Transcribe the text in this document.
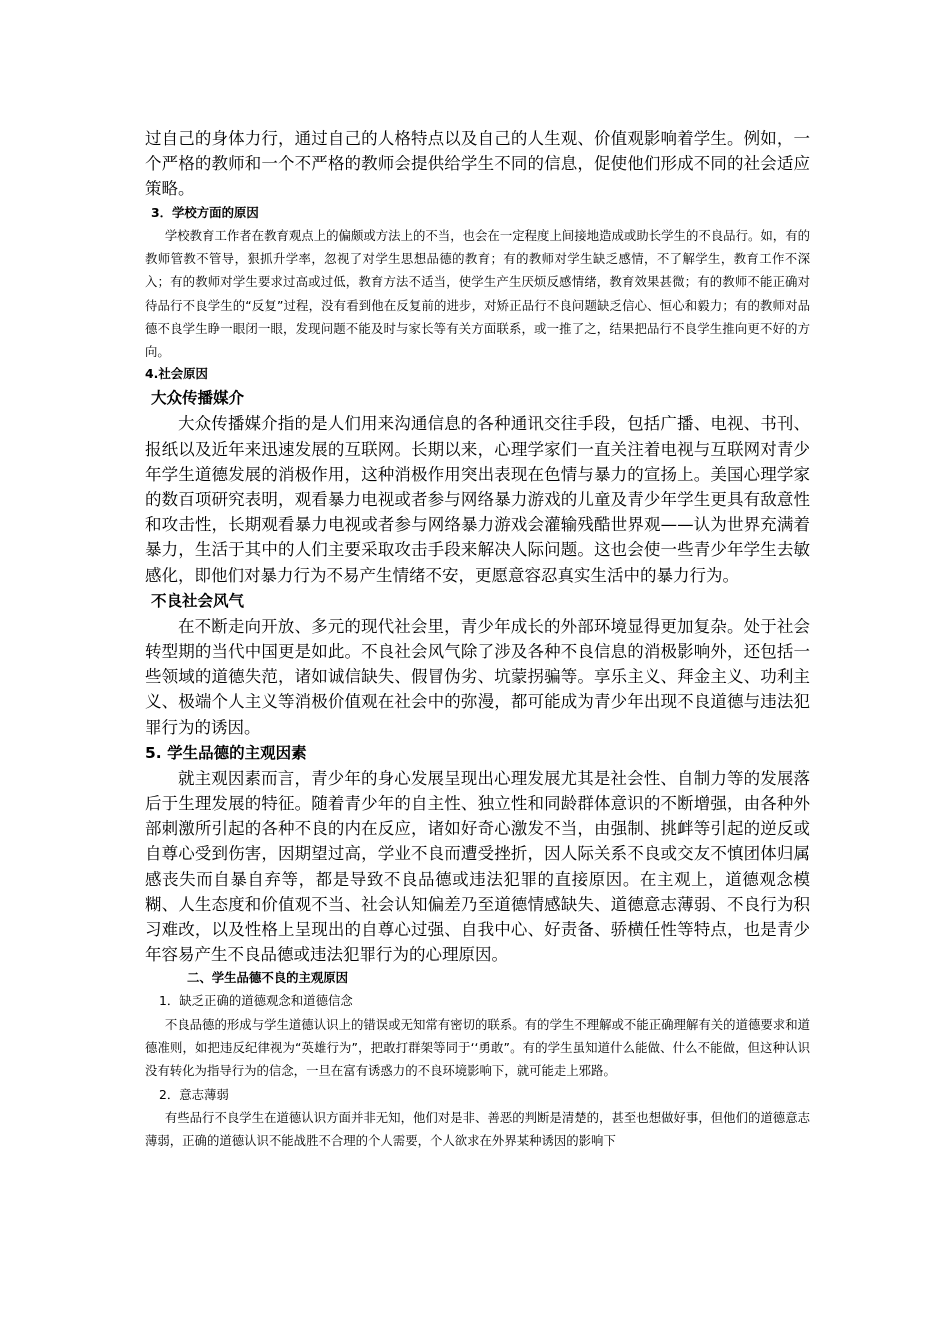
过自己的身体力行，通过自己的人格特点以及自己的人生观、价值观影响着学生。例如，一个严格的教师和一个不严格的教师会提供给学生不同的信息，促使他们形成不同的社会适应策略。

3．学校方面的原因

学校教育工作者在教育观点上的偏颇或方法上的不当，也会在一定程度上间接地造成或助长学生的不良品行。如，有的教师管教不管导，狠抓升学率，忽视了对学生思想品德的教育；有的教师对学生缺乏感情，不了解学生，教育工作不深入；有的教师对学生要求过高或过低，教育方法不适当，使学生产生厌烦反感情绪，教育效果甚微；有的教师不能正确对待品行不良学生的“反复”过程，没有看到他在反复前的进步，对矫正品行不良问题缺乏信心、恒心和毅力；有的教师对品德不良学生睁一眼闭一眼，发现问题不能及时与家长等有关方面联系，或一推了之，结果把品行不良学生推向更不好的方向。

4.社会原因

大众传播媒介

大众传播媒介指的是人们用来沟通信息的各种通讯交往手段，包括广播、电视、书刊、报纸以及近年来迅速发展的互联网。长期以来，心理学家们一直关注着电视与互联网对青少年学生道德发展的消极作用，这种消极作用突出表现在色情与暴力的宣扬上。美国心理学家的数百项研究表明，观看暴力电视或者参与网络暴力游戏的儿童及青少年学生更具有敌意性和攻击性，长期观看暴力电视或者参与网络暴力游戏会灌输残酷世界观——认为世界充满着暴力，生活于其中的人们主要采取攻击手段来解决人际问题。这也会使一些青少年学生去敏感化，即他们对暴力行为不易产生情绪不安，更愿意容忍真实生活中的暴力行为。

不良社会风气

在不断走向开放、多元的现代社会里，青少年成长的外部环境显得更加复杂。处于社会转型期的当代中国更是如此。不良社会风气除了涉及各种不良信息的消极影响外，还包括一些领域的道德失范，诸如诚信缺失、假冒伪劣、坑蒙拐骗等。享乐主义、拜金主义、功利主义、极端个人主义等消极价值观在社会中的弥漫，都可能成为青少年出现不良道德与违法犯罪行为的诱因。

5. 学生品德的主观因素

就主观因素而言，青少年的身心发展呈现出心理发展尤其是社会性、自制力等的发展落后于生理发展的特征。随着青少年的自主性、独立性和同龄群体意识的不断增强，由各种外部刺激所引起的各种不良的内在反应，诸如好奇心激发不当，由强制、挑衅等引起的逆反或自尊心受到伤害，因期望过高，学业不良而遭受挫折，因人际关系不良或交友不慎团体归属感丧失而自暴自弃等，都是导致不良品德或违法犯罪的直接原因。在主观上，道德观念模糊、人生态度和价值观不当、社会认知偏差乃至道德情感缺失、道德意志薄弱、不良行为积习难改，以及性格上呈现出的自尊心过强、自我中心、好责备、骄横任性等特点，也是青少年容易产生不良品德或违法犯罪行为的心理原因。

二、学生品德不良的主观原因

1．缺乏正确的道德观念和道德信念

不良品德的形成与学生道德认识上的错误或无知常有密切的联系。有的学生不理解或不能正确理解有关的道德要求和道德准则，如把违反纪律视为“英雄行为”，把敢打群架等同于‘‘勇敢”。有的学生虽知道什么能做、什么不能做，但这种认识没有转化为指导行为的信念，一旦在富有诱惑力的不良环境影响下，就可能走上邪路。

2．意志薄弱

有些品行不良学生在道德认识方面并非无知，他们对是非、善恶的判断是清楚的，甚至也想做好事，但他们的道德意志薄弱，正确的道德认识不能战胜不合理的个人需要，个人欲求在外界某种诱因的影响下
